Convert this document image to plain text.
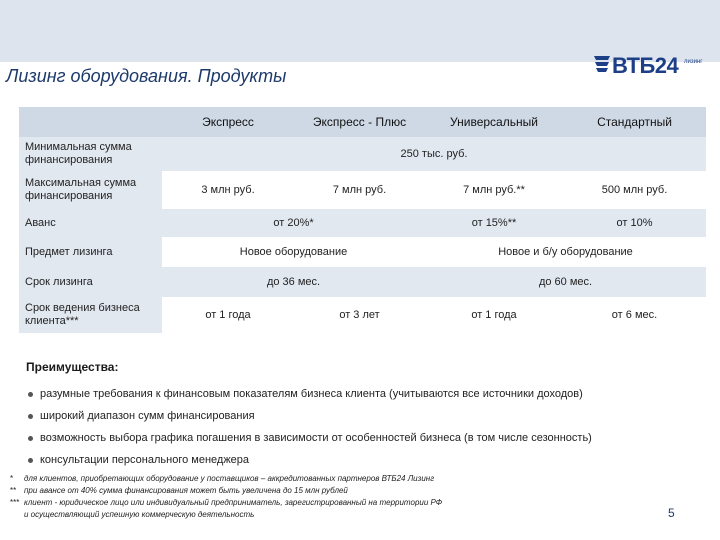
Лизинг оборудования. Продукты	ВТБ24 лизинг
Экспресс	Экспресс - Плюс	Универсальный	Стандартный
Минимальная сумма финансирования	250 тыс. руб.
Максимальная сумма финансирования	3 млн руб.	7 млн руб.	7 млн руб.**	500 млн руб.
Аванс	от 20%*	от 15%**	от 10%
Предмет лизинга	Новое оборудование	Новое и б/у оборудование
Срок лизинга	до 36 мес.	до 60 мес.
Срок ведения бизнеса клиента***	от 1 года	от 3 лет	от 1 года	от 6 мес.
Преимущества:
разумные требования к финансовым показателям бизнеса клиента (учитываются все источники доходов)
широкий диапазон сумм финансирования
возможность выбора графика погашения в зависимости от особенностей бизнеса (в том числе сезонность)
консультации персонального менеджера
* для клиентов, приобретающих оборудование у поставщиков – аккредитованных партнеров ВТБ24 Лизинг
** при авансе от 40% сумма финансирования может быть увеличена до 15 млн рублей
*** клиент - юридическое лицо или индивидуальный предприниматель, зарегистрированный на территории РФ
и осуществляющий успешную коммерческую деятельность	5
